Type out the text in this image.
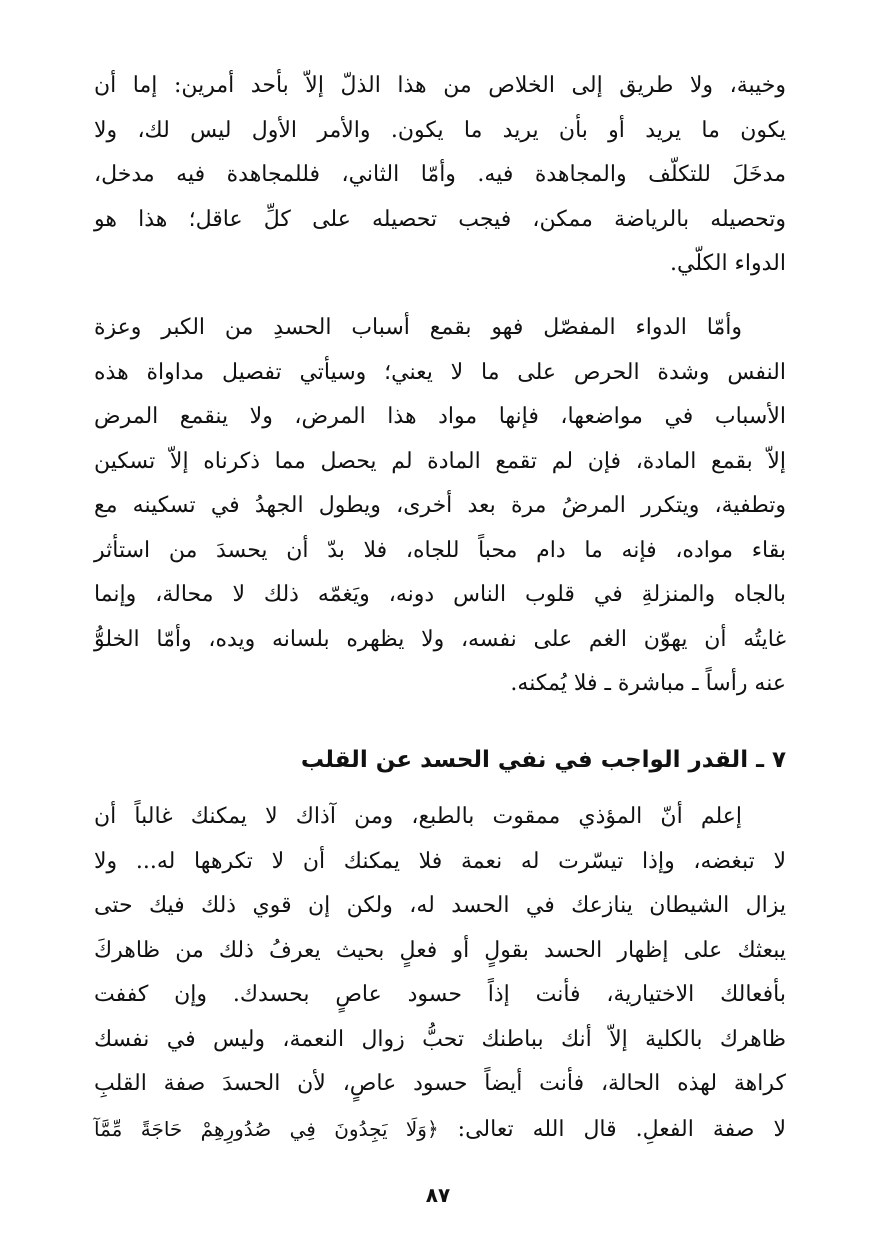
وخيبة، ولا طريق إلى الخلاص من هذا الذلّ إلاّ بأحد أمرين: إما أن
يكون ما يريد أو بأن يريد ما يكون. والأمر الأول ليس لك، ولا
مدخَلَ للتكلّف والمجاهدة فيه. وأمّا الثاني، فللمجاهدة فيه مدخل،
وتحصيله بالرياضة ممكن، فيجب تحصيله على كلِّ عاقل؛ هذا هو
الدواء الكلّي.
وأمّا الدواء المفصّل فهو بقمع أسباب الحسدِ من الكبر وعزة
النفس وشدة الحرص على ما لا يعني؛ وسيأتي تفصيل مداواة هذه
الأسباب في مواضعها، فإنها مواد هذا المرض، ولا ينقمع المرض
إلاّ بقمع المادة، فإن لم تقمع المادة لم يحصل مما ذكرناه إلاّ تسكين
وتطفية، ويتكرر المرضُ مرة بعد أخرى، ويطول الجهدُ في تسكينه مع
بقاء مواده، فإنه ما دام محباً للجاه، فلا بدّ أن يحسدَ من استأثر
بالجاه والمنزلةِ في قلوب الناس دونه، ويَغمّه ذلك لا محالة، وإنما
غايتُه أن يهوّن الغم على نفسه، ولا يظهره بلسانه ويده، وأمّا الخلوُّ
عنه رأساً ـ مباشرة ـ فلا يُمكنه.
٧ ـ القدر الواجب في نفي الحسد عن القلب
إعلم أنّ المؤذي ممقوت بالطبع، ومن آذاك لا يمكنك غالباً أن
لا تبغضه، وإذا تيسّرت له نعمة فلا يمكنك أن لا تكرهها له... ولا
يزال الشيطان ينازعك في الحسد له، ولكن إن قوي ذلك فيك حتى
يبعثك على إظهار الحسد بقولٍ أو فعلٍ بحيث يعرفُ ذلك من ظاهركَ
بأفعالك الاختيارية، فأنت إذاً حسود عاصٍ بحسدك. وإن كففت
ظاهرك بالكلية إلاّ أنك بباطنك تحبُّ زوال النعمة، وليس في نفسك
كراهة لهذه الحالة، فأنت أيضاً حسود عاصٍ، لأن الحسدَ صفة القلبِ
لا صفة الفعلِ. قال الله تعالى: ﴿وَلَا يَجِدُونَ فِي صُدُورِهِمْ حَاجَةً مِّمَّآ
٨٧
